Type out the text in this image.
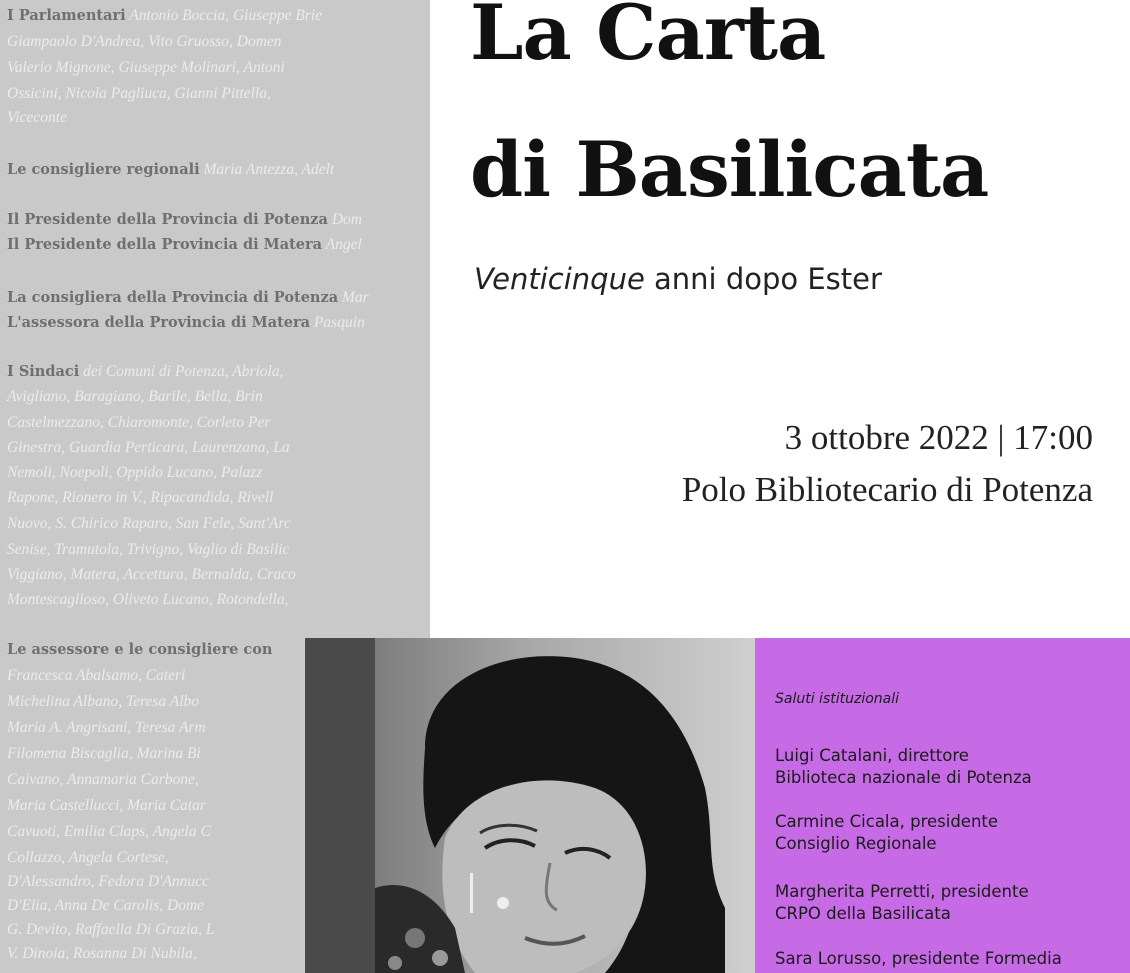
I Parlamentari Antonio Boccia, Giuseppe Brie
Giampaolo D'Andrea, Vito Gruosso, Domen
Valerio Mignone, Giuseppe Molinari, Antoni
Ossicini, Nicola Pagliuca, Gianni Pittella,
Viceconte
Le consigliere regionali Maria Antezza, Adelt
Il Presidente della Provincia di Potenza Dom
Il Presidente della Provincia di Matera Angel
La consigliera della Provincia di Potenza Mar
L'assessora della Provincia di Matera Pasquin
I Sindaci dei Comuni di Potenza, Abriola,
Avigliano, Baragiano, Barile, Bella, Brin
Castelmezzano, Chiaromonte, Corleto Per
Ginestra, Guardia Perticara, Laurenzana, La
Nemoli, Noepoli, Oppido Lucano, Palazz
Rapone, Rionero in V., Ripacandida, Rivell
Nuovo, S. Chirico Raparo, San Fele, Sant'Arc
Senise, Tramutola, Trivigno, Vaglio di Basilic
Viggiano, Matera, Accettura, Bernalda, Craco
Montescaglioso, Oliveto Lucano, Rotondella,
Le assessore e le consigliere con
Francesca Abalsamo, Cateri
Michelina Albano, Teresa Albo
Maria A. Angrisani, Teresa Arm
Filomena Biscaglia, Marina Bi
Caivano, Annamaria Carbone,
Maria Castellucci, Maria Catar
Cavuoti, Emilia Claps, Angela C
Collazzo, Angela Cortese,
D'Alessandro, Fedora D'Annucc
D'Elia, Anna De Carolis, Dome
G. Devito, Raffaella Di Grazia, L
V. Dinoia, Rosanna Di Nubila,
La Carta
di Basilicata
Venticinque anni dopo Ester
3 ottobre 2022 | 17:00
Polo Bibliotecario di Potenza
Saluti istituzionali
Luigi Catalani, direttore
Biblioteca nazionale di Potenza
Carmine Cicala, presidente
Consiglio Regionale
Margherita Perretti, presidente
CRPO della Basilicata
Sara Lorusso, presidente Formedia
